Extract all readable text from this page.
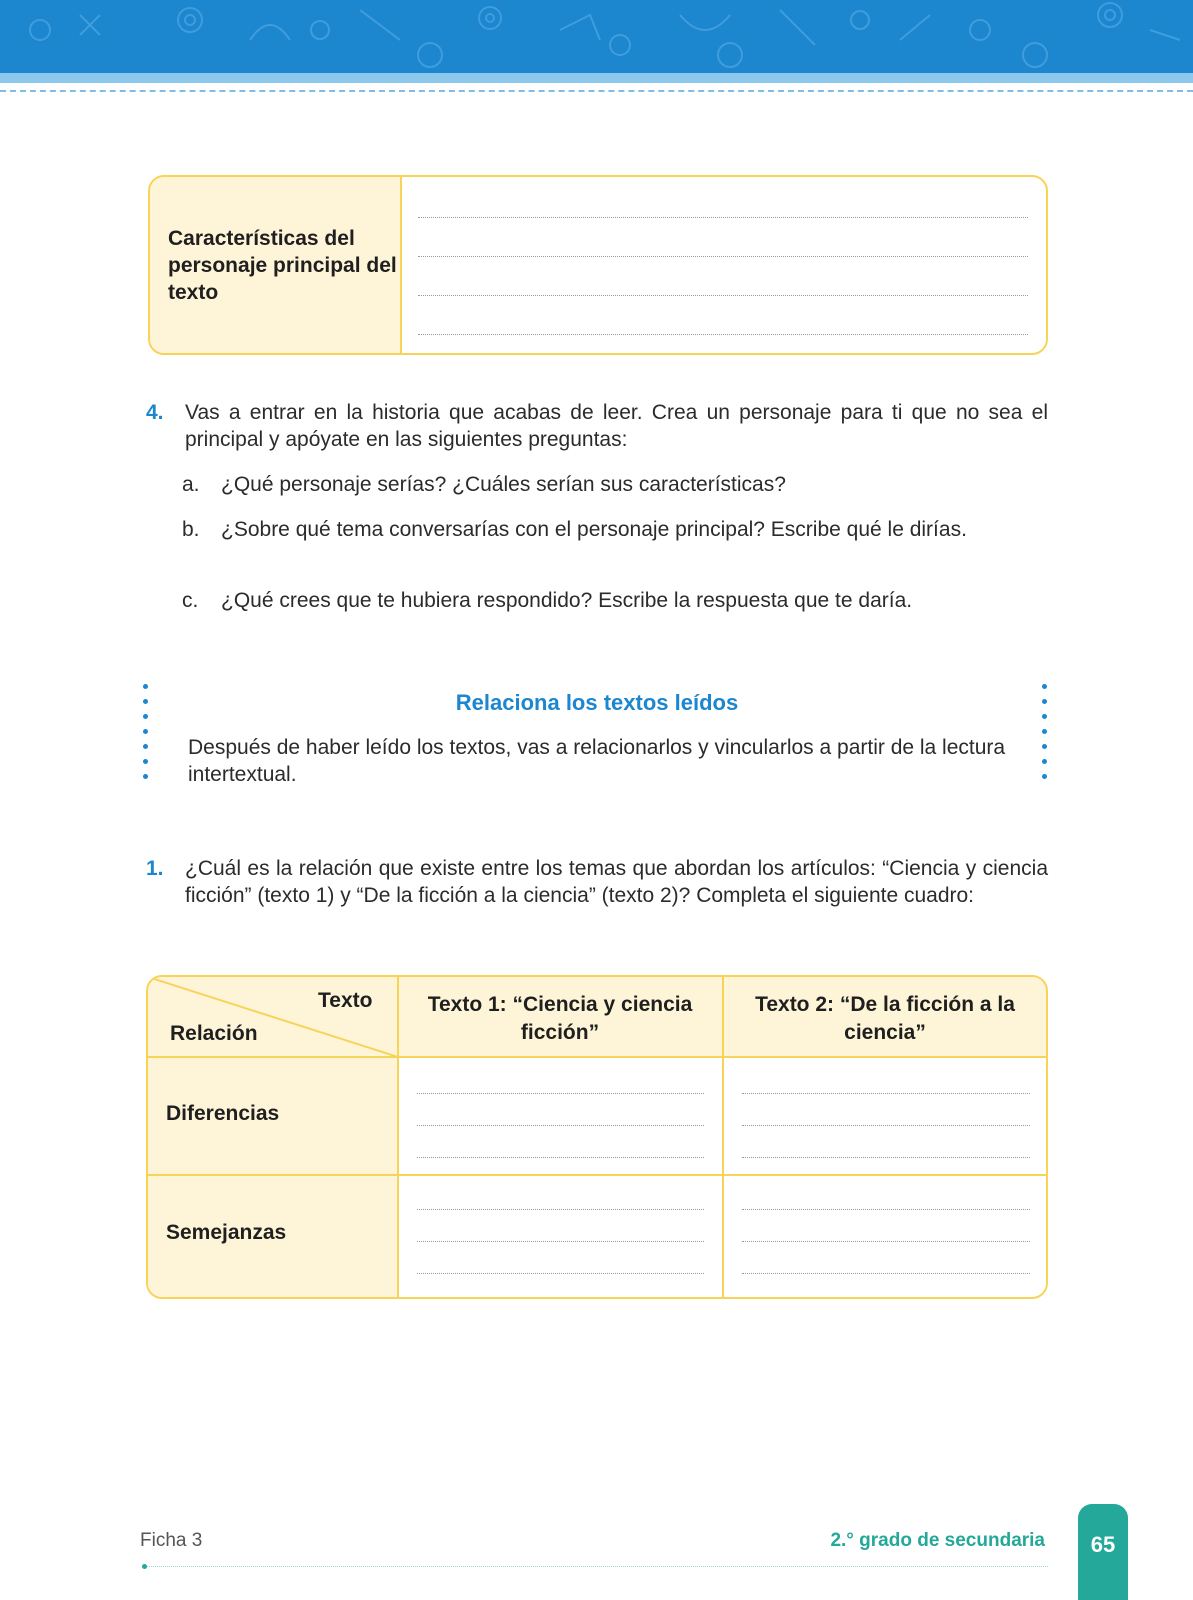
Características del personaje principal del texto
4. Vas a entrar en la historia que acabas de leer. Crea un personaje para ti que no sea el principal y apóyate en las siguientes preguntas:
a. ¿Qué personaje serías? ¿Cuáles serían sus características?
b. ¿Sobre qué tema conversarías con el personaje principal? Escribe qué le dirías.
c. ¿Qué crees que te hubiera respondido? Escribe la respuesta que te daría.
Relaciona los textos leídos
Después de haber leído los textos, vas a relacionarlos y vincularlos a partir de la lectura intertextual.
1. ¿Cuál es la relación que existe entre los temas que abordan los artículos: “Ciencia y ciencia ficción” (texto 1) y “De la ficción a la ciencia” (texto 2)? Completa el siguiente cuadro:
Texto
Relación
Texto 1: “Ciencia y ciencia ficción”
Texto 2: “De la ficción a la ciencia”
Diferencias
Semejanzas
Ficha 3	2.° grado de secundaria	65
